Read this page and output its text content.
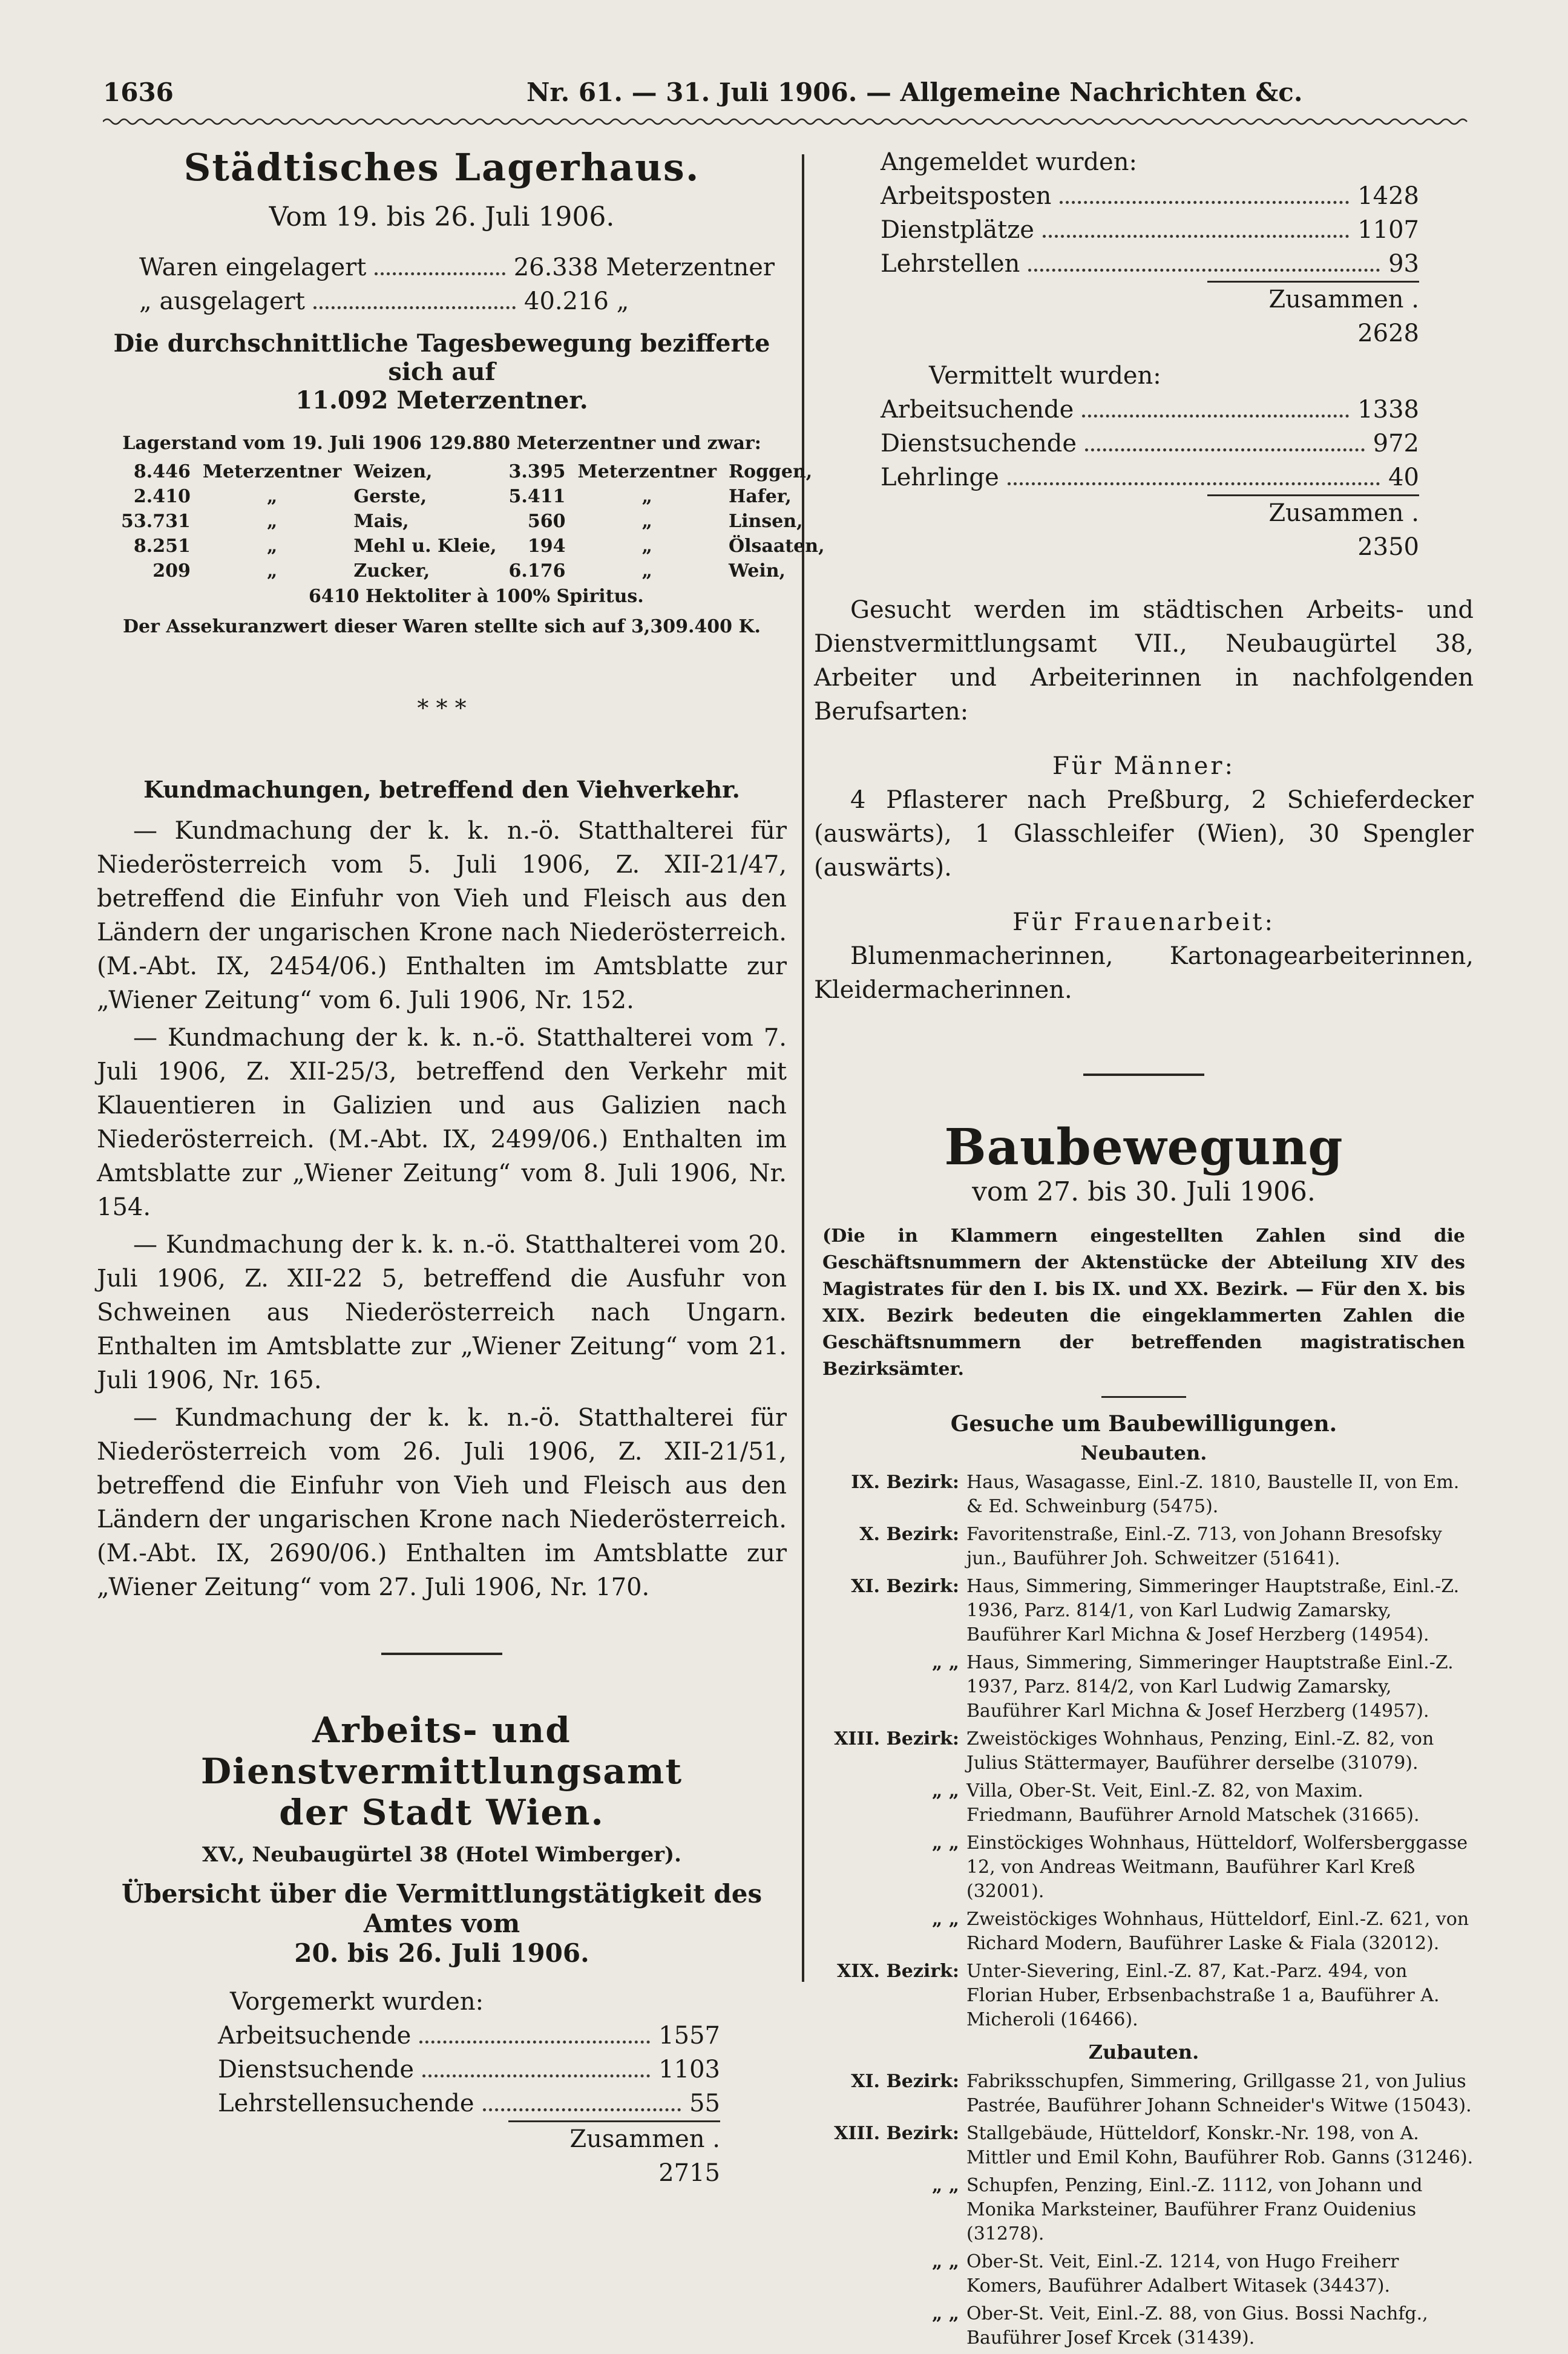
1636	Nr. 61. — 31. Juli 1906. — Allgemeine Nachrichten &c.
Städtisches Lagerhaus.
Vom 19. bis 26. Juli 1906.
Waren eingelagert	26.338 Meterzentner
„ ausgelagert	40.216 „
Die durchschnittliche Tagesbewegung bezifferte sich auf
11.092 Meterzentner.
Lagerstand vom 19. Juli 1906 129.880 Meterzentner und zwar:
8.446	Meterzentner	Weizen,	3.395	Meterzentner	Roggen,
2.410	„	Gerste,	5.411	„	Hafer,
53.731	„	Mais,	560	„	Linsen,
8.251	„	Mehl u. Kleie,	194	„	Ölsaaten,
209	„	Zucker,	6.176	„	Wein,
6410 Hektoliter à 100% Spiritus.
Der Assekuranzwert dieser Waren stellte sich auf 3,309.400 K.
* * *
Kundmachungen, betreffend den Viehverkehr.
— Kundmachung der k. k. n.-ö. Statthalterei für Niederösterreich vom 5. Juli 1906, Z. XII-21/47, betreffend die Einfuhr von Vieh und Fleisch aus den Ländern der ungarischen Krone nach Niederösterreich. (M.-Abt. IX, 2454/06.) Enthalten im Amtsblatte zur „Wiener Zeitung“ vom 6. Juli 1906, Nr. 152.
— Kundmachung der k. k. n.-ö. Statthalterei vom 7. Juli 1906, Z. XII-25/3, betreffend den Verkehr mit Klauentieren in Galizien und aus Galizien nach Niederösterreich. (M.-Abt. IX, 2499/06.) Enthalten im Amtsblatte zur „Wiener Zeitung“ vom 8. Juli 1906, Nr. 154.
— Kundmachung der k. k. n.-ö. Statthalterei vom 20. Juli 1906, Z. XII-22 5, betreffend die Ausfuhr von Schweinen aus Niederösterreich nach Ungarn. Enthalten im Amtsblatte zur „Wiener Zeitung“ vom 21. Juli 1906, Nr. 165.
— Kundmachung der k. k. n.-ö. Statthalterei für Niederösterreich vom 26. Juli 1906, Z. XII-21/51, betreffend die Einfuhr von Vieh und Fleisch aus den Ländern der ungarischen Krone nach Niederösterreich. (M.-Abt. IX, 2690/06.) Enthalten im Amtsblatte zur „Wiener Zeitung“ vom 27. Juli 1906, Nr. 170.
Arbeits- und Dienstvermittlungsamt
der Stadt Wien.
XV., Neubaugürtel 38 (Hotel Wimberger).
Übersicht über die Vermittlungstätigkeit des Amtes vom
20. bis 26. Juli 1906.
Vorgemerkt wurden:
Arbeitsuchende	1557
Dienstsuchende	1103
Lehrstellensuchende	55
Zusammen . 2715
Angemeldet wurden:
Arbeitsposten	1428
Dienstplätze	1107
Lehrstellen	93
Zusammen . 2628
Vermittelt wurden:
Arbeitsuchende	1338
Dienstsuchende	972
Lehrlinge	40
Zusammen . 2350
Gesucht werden im städtischen Arbeits- und Dienstvermittlungsamt VII., Neubaugürtel 38, Arbeiter und Arbeiterinnen in nachfolgenden Berufsarten:
Für Männer:
4 Pflasterer nach Preßburg, 2 Schieferdecker (auswärts), 1 Glasschleifer (Wien), 30 Spengler (auswärts).
Für Frauenarbeit:
Blumenmacherinnen, Kartonagearbeiterinnen, Kleidermacherinnen.
Baubewegung
vom 27. bis 30. Juli 1906.
(Die in Klammern eingestellten Zahlen sind die Geschäftsnummern der Aktenstücke der Abteilung XIV des Magistrates für den I. bis IX. und XX. Bezirk. — Für den X. bis XIX. Bezirk bedeuten die eingeklammerten Zahlen die Geschäftsnummern der betreffenden magistratischen Bezirksämter.
Gesuche um Baubewilligungen.
Neubauten.
IX. Bezirk: Haus, Wasagasse, Einl.-Z. 1810, Baustelle II, von Em. & Ed. Schweinburg (5475).
X. Bezirk: Favoritenstraße, Einl.-Z. 713, von Johann Bresofsky jun., Bauführer Joh. Schweitzer (51641).
XI. Bezirk: Haus, Simmering, Simmeringer Hauptstraße, Einl.-Z. 1936, Parz. 814/1, von Karl Ludwig Zamarsky, Bauführer Karl Michna & Josef Herzberg (14954).
„ „ Haus, Simmering, Simmeringer Hauptstraße Einl.-Z. 1937, Parz. 814/2, von Karl Ludwig Zamarsky, Bauführer Karl Michna & Josef Herzberg (14957).
XIII. Bezirk: Zweistöckiges Wohnhaus, Penzing, Einl.-Z. 82, von Julius Stättermayer, Bauführer derselbe (31079).
„ „ Villa, Ober-St. Veit, Einl.-Z. 82, von Maxim. Friedmann, Bauführer Arnold Matschek (31665).
„ „ Einstöckiges Wohnhaus, Hütteldorf, Wolfersberggasse 12, von Andreas Weitmann, Bauführer Karl Kreß (32001).
„ „ Zweistöckiges Wohnhaus, Hütteldorf, Einl.-Z. 621, von Richard Modern, Bauführer Laske & Fiala (32012).
XIX. Bezirk: Unter-Sievering, Einl.-Z. 87, Kat.-Parz. 494, von Florian Huber, Erbsenbachstraße 1 a, Bauführer A. Micheroli (16466).
Zubauten.
XI. Bezirk: Fabriksschupfen, Simmering, Grillgasse 21, von Julius Pastrée, Bauführer Johann Schneider's Witwe (15043).
XIII. Bezirk: Stallgebäude, Hütteldorf, Konskr.-Nr. 198, von A. Mittler und Emil Kohn, Bauführer Rob. Ganns (31246).
„ „ Schupfen, Penzing, Einl.-Z. 1112, von Johann und Monika Marksteiner, Bauführer Franz Ouidenius (31278).
„ „ Ober-St. Veit, Einl.-Z. 1214, von Hugo Freiherr Komers, Bauführer Adalbert Witasek (34437).
„ „ Ober-St. Veit, Einl.-Z. 88, von Gius. Bossi Nachfg., Bauführer Josef Krcek (31439).
